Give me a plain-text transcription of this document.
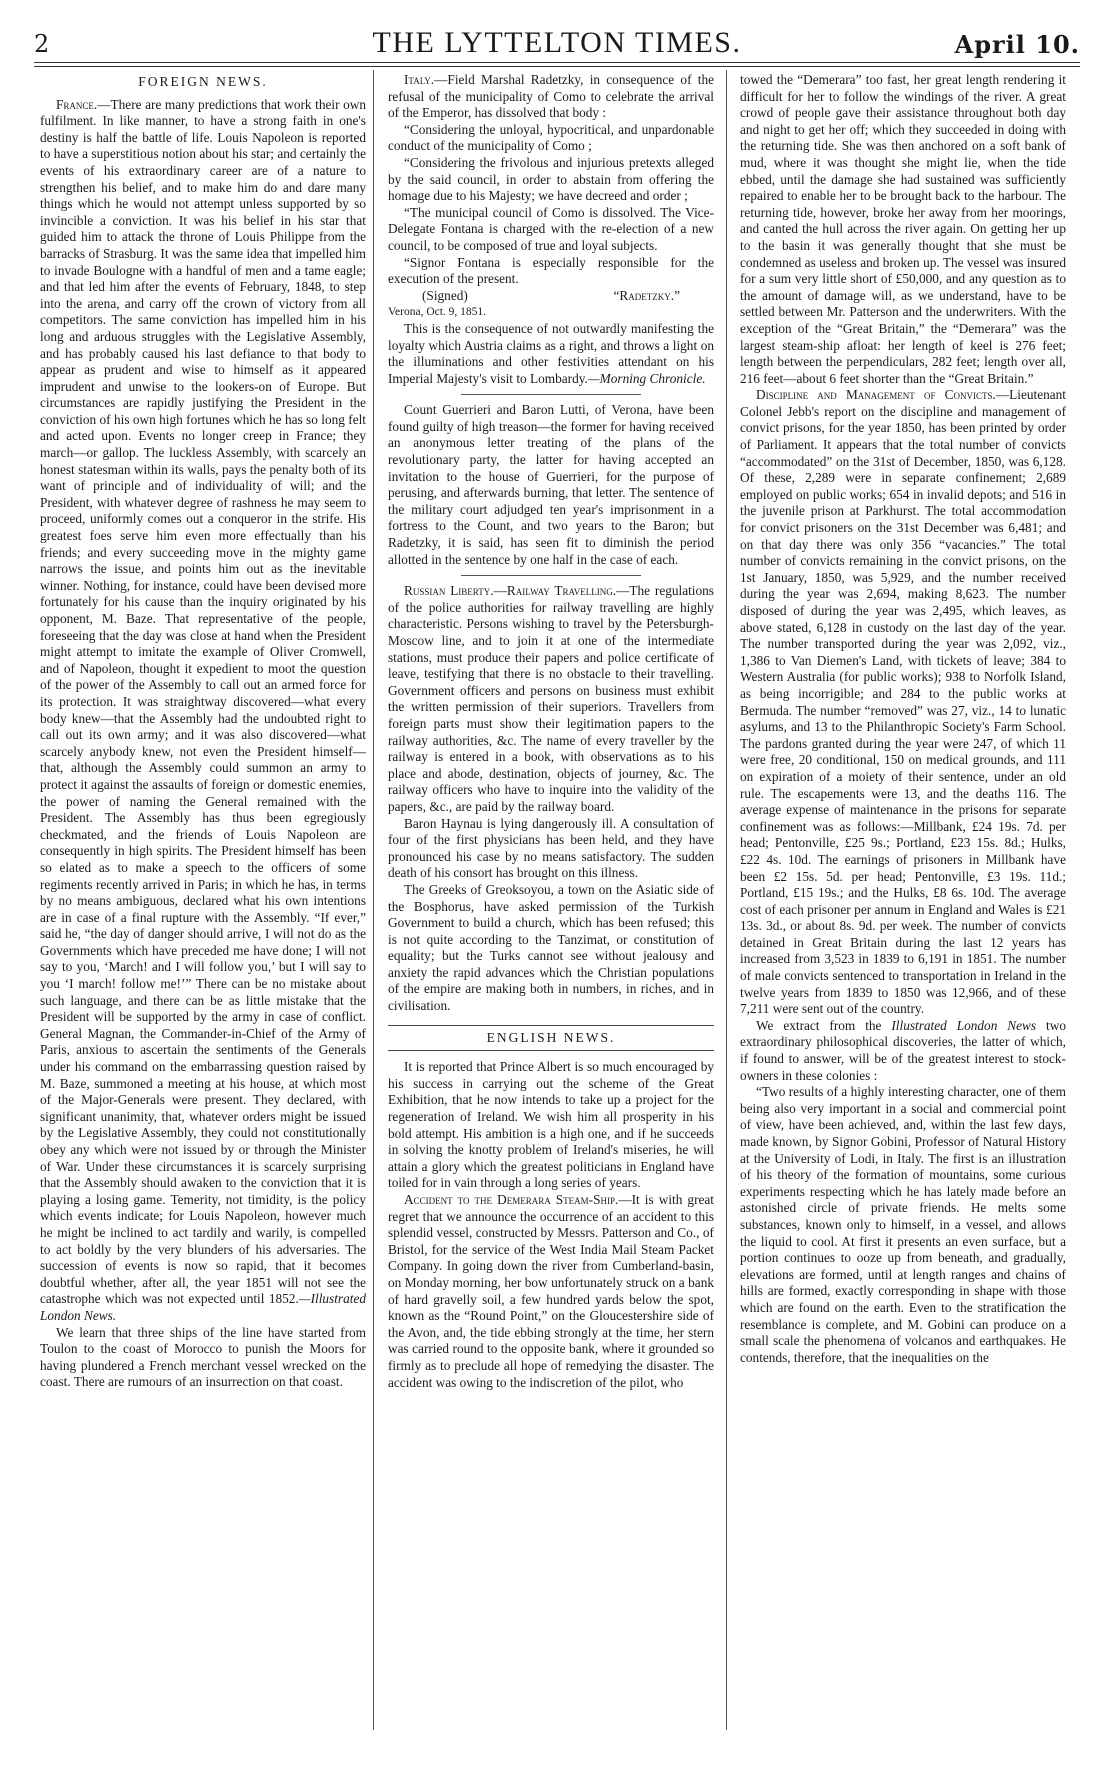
2	THE LYTTELTON TIMES.	April 10.
FOREIGN NEWS.

France.—There are many predictions that work their own fulfilment. In like manner, to have a strong faith in one's destiny is half the battle of life. Louis Napoleon is reported to have a superstitious notion about his star; and certainly the events of his extraordinary career are of a nature to strengthen his belief, and to make him do and dare many things which he would not attempt unless supported by so invincible a conviction. It was his belief in his star that guided him to attack the throne of Louis Philippe from the barracks of Strasburg. It was the same idea that impelled him to invade Boulogne with a handful of men and a tame eagle; and that led him after the events of February, 1848, to step into the arena, and carry off the crown of victory from all competitors. The same conviction has impelled him in his long and arduous struggles with the Legislative Assembly, and has probably caused his last defiance to that body to appear as prudent and wise to himself as it appeared imprudent and unwise to the lookers-on of Europe. But circumstances are rapidly justifying the President in the conviction of his own high fortunes which he has so long felt and acted upon. Events no longer creep in France; they march—or gallop. The luckless Assembly, with scarcely an honest statesman within its walls, pays the penalty both of its want of principle and of individuality of will; and the President, with whatever degree of rashness he may seem to proceed, uniformly comes out a conqueror in the strife. His greatest foes serve him even more effectually than his friends; and every succeeding move in the mighty game narrows the issue, and points him out as the inevitable winner. Nothing, for instance, could have been devised more fortunately for his cause than the inquiry originated by his opponent, M. Baze. That representative of the people, foreseeing that the day was close at hand when the President might attempt to imitate the example of Oliver Cromwell, and of Napoleon, thought it expedient to moot the question of the power of the Assembly to call out an armed force for its protection. It was straightway discovered—what every body knew—that the Assembly had the undoubted right to call out its own army; and it was also discovered—what scarcely anybody knew, not even the President himself—that, although the Assembly could summon an army to protect it against the assaults of foreign or domestic enemies, the power of naming the General remained with the President. The Assembly has thus been egregiously checkmated, and the friends of Louis Napoleon are consequently in high spirits. The President himself has been so elated as to make a speech to the officers of some regiments recently arrived in Paris; in which he has, in terms by no means ambiguous, declared what his own intentions are in case of a final rupture with the Assembly. “If ever,” said he, “the day of danger should arrive, I will not do as the Governments which have preceded me have done; I will not say to you, ‘March! and I will follow you,’ but I will say to you ‘I march! follow me!’” There can be no mistake about such language, and there can be as little mistake that the President will be supported by the army in case of conflict. General Magnan, the Commander-in-Chief of the Army of Paris, anxious to ascertain the sentiments of the Generals under his command on the embarrassing question raised by M. Baze, summoned a meeting at his house, at which most of the Major-Generals were present. They declared, with significant unanimity, that, whatever orders might be issued by the Legislative Assembly, they could not constitutionally obey any which were not issued by or through the Minister of War. Under these circumstances it is scarcely surprising that the Assembly should awaken to the conviction that it is playing a losing game. Temerity, not timidity, is the policy which events indicate; for Louis Napoleon, however much he might be inclined to act tardily and warily, is compelled to act boldly by the very blunders of his adversaries. The succession of events is now so rapid, that it becomes doubtful whether, after all, the year 1851 will not see the catastrophe which was not expected until 1852.—Illustrated London News.

We learn that three ships of the line have started from Toulon to the coast of Morocco to punish the Moors for having plundered a French merchant vessel wrecked on the coast. There are rumours of an insurrection on that coast.

Italy.—Field Marshal Radetzky, in consequence of the refusal of the municipality of Como to celebrate the arrival of the Emperor, has dissolved that body :

“Considering the unloyal, hypocritical, and unpardonable conduct of the municipality of Como ;

“Considering the frivolous and injurious pretexts alleged by the said council, in order to abstain from offering the homage due to his Majesty; we have decreed and order ;

“The municipal council of Como is dissolved. The Vice-Delegate Fontana is charged with the re-election of a new council, to be composed of true and loyal subjects.

“Signor Fontana is especially responsible for the execution of the present.

(Signed)	“Radetzky.”

Verona, Oct. 9, 1851.

This is the consequence of not outwardly manifesting the loyalty which Austria claims as a right, and throws a light on the illuminations and other festivities attendant on his Imperial Majesty's visit to Lombardy.—Morning Chronicle.

Count Guerrieri and Baron Lutti, of Verona, have been found guilty of high treason—the former for having received an anonymous letter treating of the plans of the revolutionary party, the latter for having accepted an invitation to the house of Guerrieri, for the purpose of perusing, and afterwards burning, that letter. The sentence of the military court adjudged ten year's imprisonment in a fortress to the Count, and two years to the Baron; but Radetzky, it is said, has seen fit to diminish the period allotted in the sentence by one half in the case of each.

Russian Liberty.—Railway Travelling.—The regulations of the police authorities for railway travelling are highly characteristic. Persons wishing to travel by the Petersburgh-Moscow line, and to join it at one of the intermediate stations, must produce their papers and police certificate of leave, testifying that there is no obstacle to their travelling. Government officers and persons on business must exhibit the written permission of their superiors. Travellers from foreign parts must show their legitimation papers to the railway authorities, &c. The name of every traveller by the railway is entered in a book, with observations as to his place and abode, destination, objects of journey, &c. The railway officers who have to inquire into the validity of the papers, &c., are paid by the railway board.

Baron Haynau is lying dangerously ill. A consultation of four of the first physicians has been held, and they have pronounced his case by no means satisfactory. The sudden death of his consort has brought on this illness.

The Greeks of Greoksoyou, a town on the Asiatic side of the Bosphorus, have asked permission of the Turkish Government to build a church, which has been refused; this is not quite according to the Tanzimat, or constitution of equality; but the Turks cannot see without jealousy and anxiety the rapid advances which the Christian populations of the empire are making both in numbers, in riches, and in civilisation.

ENGLISH NEWS.

It is reported that Prince Albert is so much encouraged by his success in carrying out the scheme of the Great Exhibition, that he now intends to take up a project for the regeneration of Ireland. We wish him all prosperity in his bold attempt. His ambition is a high one, and if he succeeds in solving the knotty problem of Ireland's miseries, he will attain a glory which the greatest politicians in England have toiled for in vain through a long series of years.

Accident to the Demerara Steam-Ship.—It is with great regret that we announce the occurrence of an accident to this splendid vessel, constructed by Messrs. Patterson and Co., of Bristol, for the service of the West India Mail Steam Packet Company. In going down the river from Cumberland-basin, on Monday morning, her bow unfortunately struck on a bank of hard gravelly soil, a few hundred yards below the spot, known as the “Round Point,” on the Gloucestershire side of the Avon, and, the tide ebbing strongly at the time, her stern was carried round to the opposite bank, where it grounded so firmly as to preclude all hope of remedying the disaster. The accident was owing to the indiscretion of the pilot, who

towed the “Demerara” too fast, her great length rendering it difficult for her to follow the windings of the river. A great crowd of people gave their assistance throughout both day and night to get her off; which they succeeded in doing with the returning tide. She was then anchored on a soft bank of mud, where it was thought she might lie, when the tide ebbed, until the damage she had sustained was sufficiently repaired to enable her to be brought back to the harbour. The returning tide, however, broke her away from her moorings, and canted the hull across the river again. On getting her up to the basin it was generally thought that she must be condemned as useless and broken up. The vessel was insured for a sum very little short of £50,000, and any question as to the amount of damage will, as we understand, have to be settled between Mr. Patterson and the underwriters. With the exception of the “Great Britain,” the “Demerara” was the largest steam-ship afloat: her length of keel is 276 feet; length between the perpendiculars, 282 feet; length over all, 216 feet—about 6 feet shorter than the “Great Britain.”

Discipline and Management of Convicts.—Lieutenant Colonel Jebb's report on the discipline and management of convict prisons, for the year 1850, has been printed by order of Parliament. It appears that the total number of convicts “accommodated” on the 31st of December, 1850, was 6,128. Of these, 2,289 were in separate confinement; 2,689 employed on public works; 654 in invalid depots; and 516 in the juvenile prison at Parkhurst. The total accommodation for convict prisoners on the 31st December was 6,481; and on that day there was only 356 “vacancies.” The total number of convicts remaining in the convict prisons, on the 1st January, 1850, was 5,929, and the number received during the year was 2,694, making 8,623. The number disposed of during the year was 2,495, which leaves, as above stated, 6,128 in custody on the last day of the year. The number transported during the year was 2,092, viz., 1,386 to Van Diemen's Land, with tickets of leave; 384 to Western Australia (for public works); 938 to Norfolk Island, as being incorrigible; and 284 to the public works at Bermuda. The number “removed” was 27, viz., 14 to lunatic asylums, and 13 to the Philanthropic Society's Farm School. The pardons granted during the year were 247, of which 11 were free, 20 conditional, 150 on medical grounds, and 111 on expiration of a moiety of their sentence, under an old rule. The escapements were 13, and the deaths 116. The average expense of maintenance in the prisons for separate confinement was as follows:—Millbank, £24 19s. 7d. per head; Pentonville, £25 9s.; Portland, £23 15s. 8d.; Hulks, £22 4s. 10d. The earnings of prisoners in Millbank have been £2 15s. 5d. per head; Pentonville, £3 19s. 11d.; Portland, £15 19s.; and the Hulks, £8 6s. 10d. The average cost of each prisoner per annum in England and Wales is £21 13s. 3d., or about 8s. 9d. per week. The number of convicts detained in Great Britain during the last 12 years has increased from 3,523 in 1839 to 6,191 in 1851. The number of male convicts sentenced to transportation in Ireland in the twelve years from 1839 to 1850 was 12,966, and of these 7,211 were sent out of the country.

We extract from the Illustrated London News two extraordinary philosophical discoveries, the latter of which, if found to answer, will be of the greatest interest to stock-owners in these colonies :

“Two results of a highly interesting character, one of them being also very important in a social and commercial point of view, have been achieved, and, within the last few days, made known, by Signor Gobini, Professor of Natural History at the University of Lodi, in Italy. The first is an illustration of his theory of the formation of mountains, some curious experiments respecting which he has lately made before an astonished circle of private friends. He melts some substances, known only to himself, in a vessel, and allows the liquid to cool. At first it presents an even surface, but a portion continues to ooze up from beneath, and gradually, elevations are formed, until at length ranges and chains of hills are formed, exactly corresponding in shape with those which are found on the earth. Even to the stratification the resemblance is complete, and M. Gobini can produce on a small scale the phenomena of volcanos and earthquakes. He contends, therefore, that the inequalities on the
